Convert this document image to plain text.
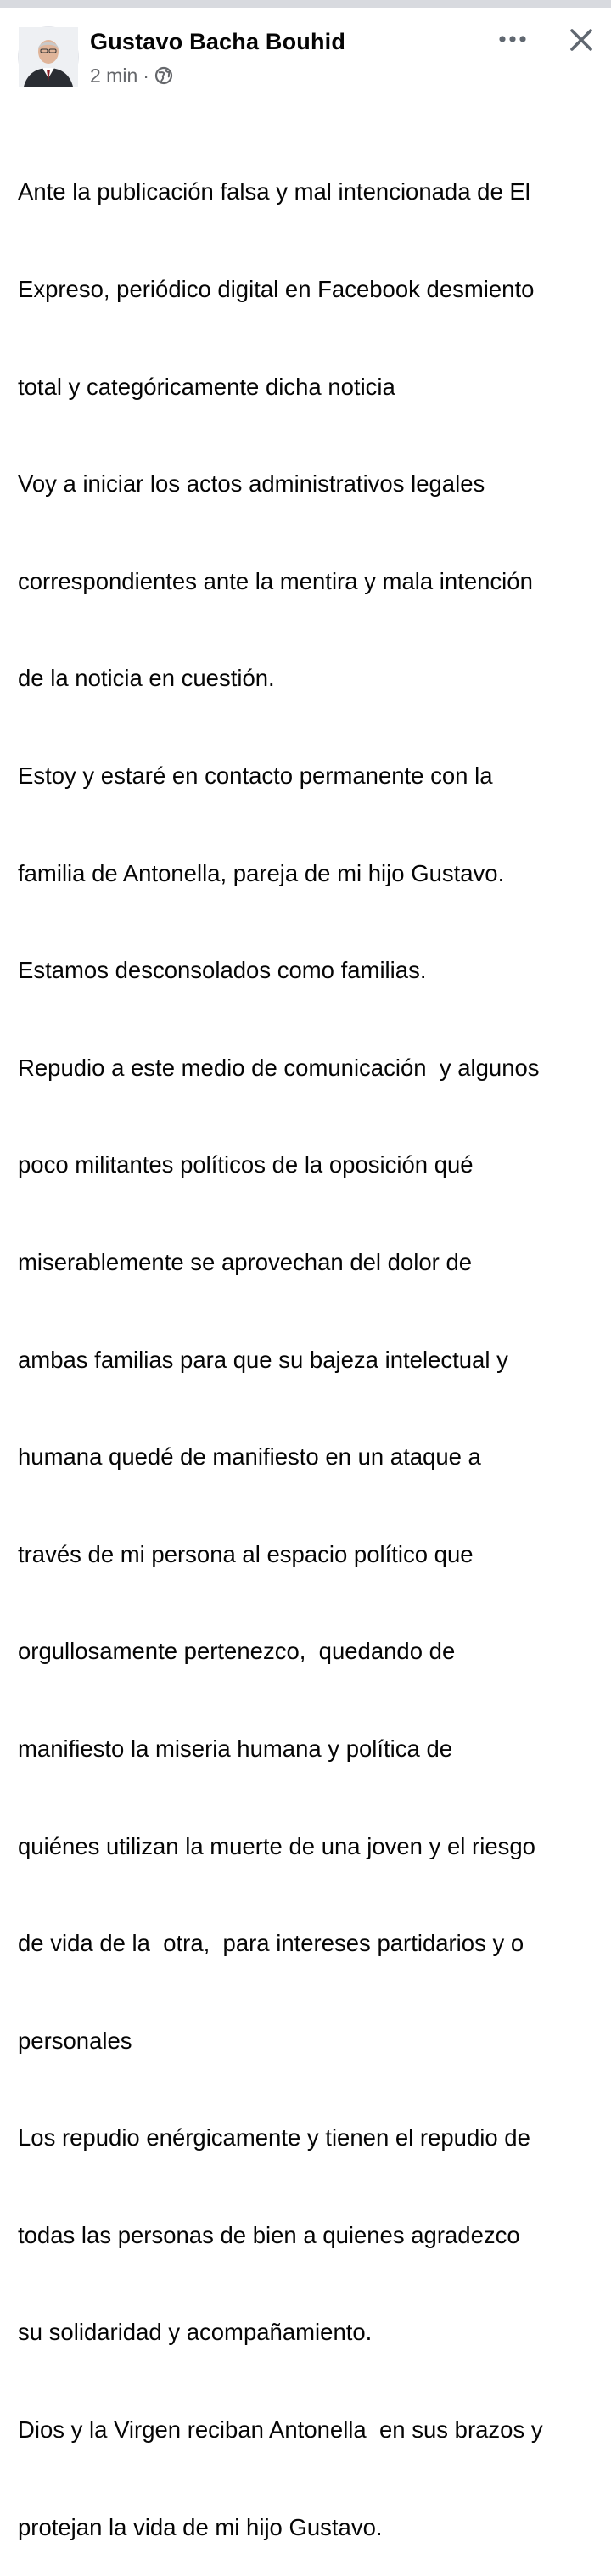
Gustavo Bacha Bouhid
2 min ·

Ante la publicación falsa y mal intencionada de El

Expreso, periódico digital en Facebook desmiento

total y categóricamente dicha noticia

Voy a iniciar los actos administrativos legales

correspondientes ante la mentira y mala intención

de la noticia en cuestión.

Estoy y estaré en contacto permanente con la

familia de Antonella, pareja de mi hijo Gustavo.

Estamos desconsolados como familias.

Repudio a este medio de comunicación  y algunos

poco militantes políticos de la oposición qué

miserablemente se aprovechan del dolor de

ambas familias para que su bajeza intelectual y

humana quedé de manifiesto en un ataque a

través de mi persona al espacio político que

orgullosamente pertenezco,  quedando de

manifiesto la miseria humana y política de

quiénes utilizan la muerte de una joven y el riesgo

de vida de la  otra,  para intereses partidarios y o

personales

Los repudio enérgicamente y tienen el repudio de

todas las personas de bien a quienes agradezco

su solidaridad y acompañamiento.

Dios y la Virgen reciban Antonella  en sus brazos y

protejan la vida de mi hijo Gustavo.
